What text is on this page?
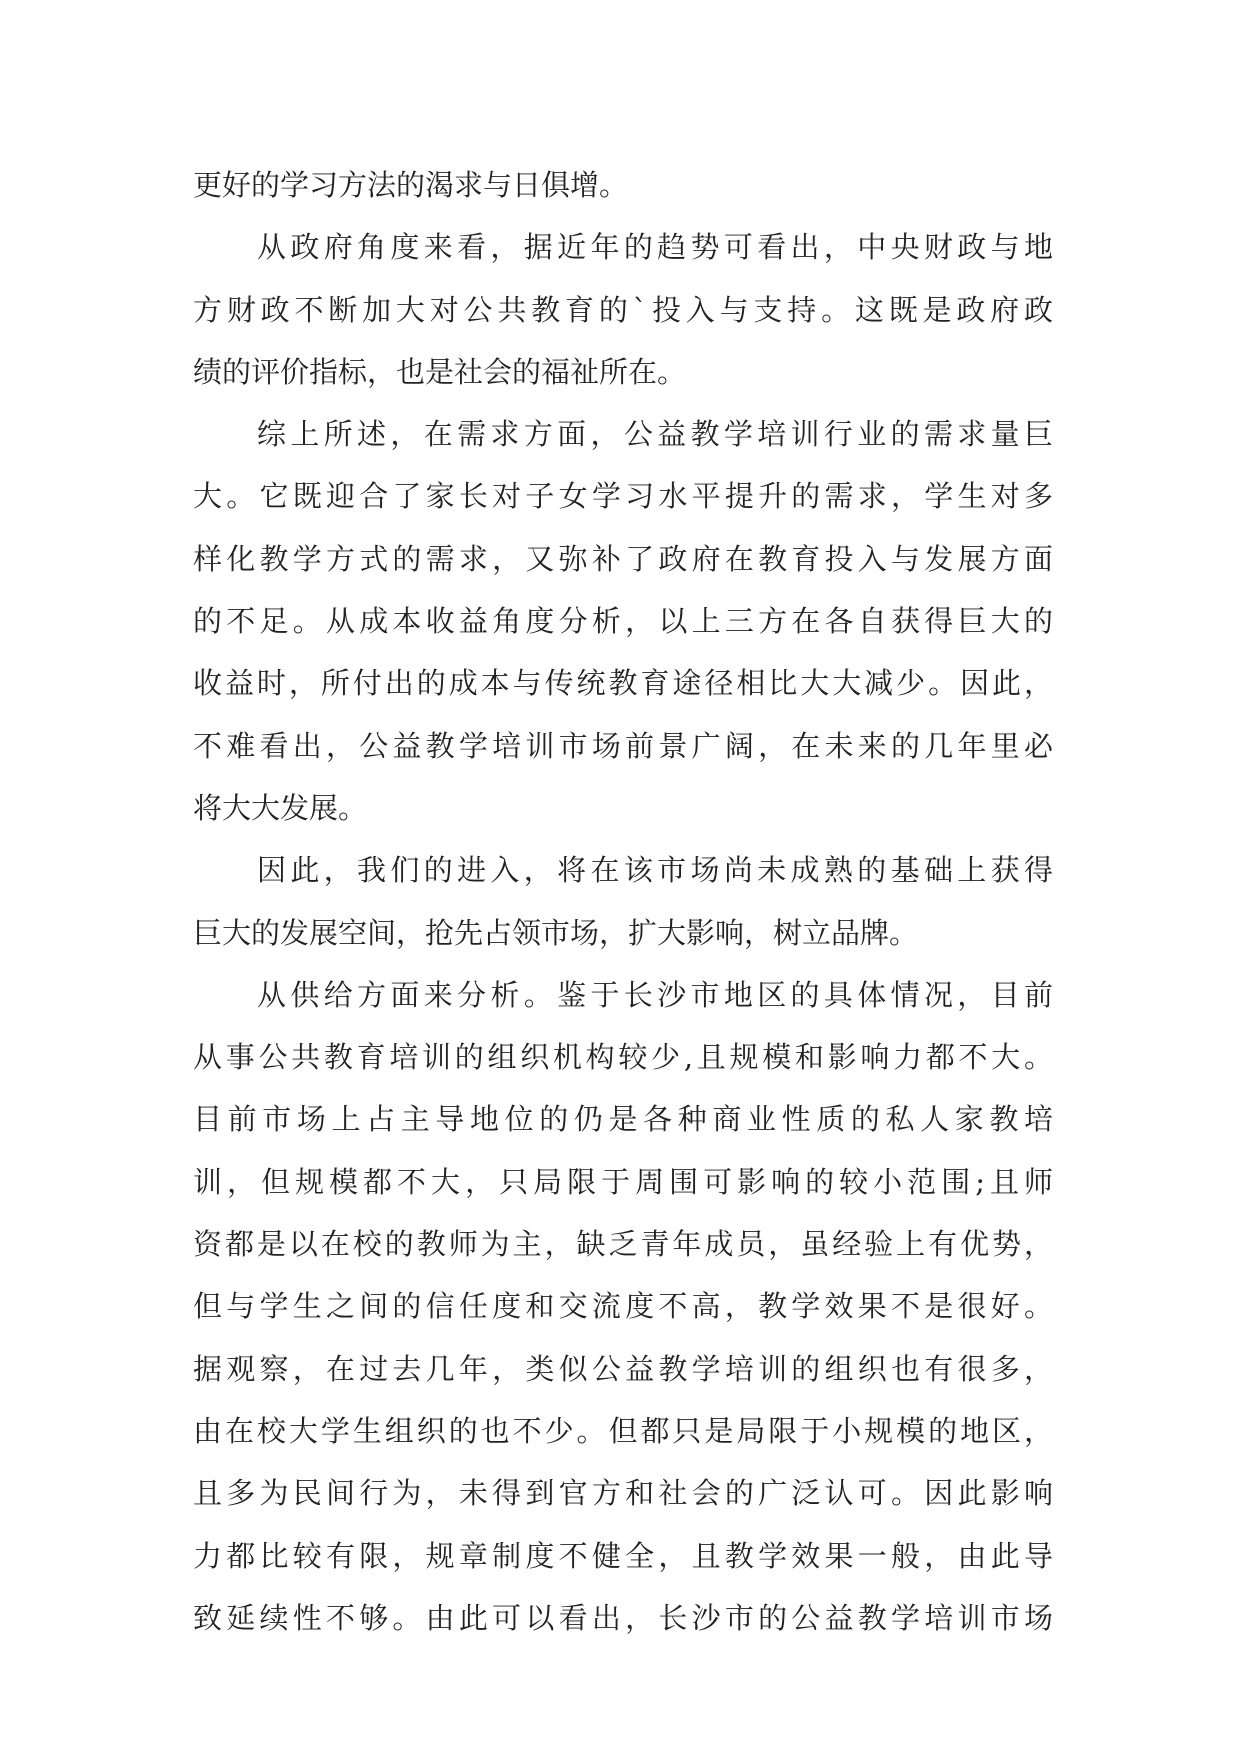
更好的学习方法的渴求与日俱增。
从政府角度来看，据近年的趋势可看出，中央财政与地
方财政不断加大对公共教育的`投入与支持。这既是政府政
绩的评价指标，也是社会的福祉所在。
综上所述，在需求方面，公益教学培训行业的需求量巨
大。它既迎合了家长对子女学习水平提升的需求，学生对多
样化教学方式的需求，又弥补了政府在教育投入与发展方面
的不足。从成本收益角度分析，以上三方在各自获得巨大的
收益时，所付出的成本与传统教育途径相比大大减少。因此，
不难看出，公益教学培训市场前景广阔，在未来的几年里必
将大大发展。
因此，我们的进入，将在该市场尚未成熟的基础上获得
巨大的发展空间，抢先占领市场，扩大影响，树立品牌。
从供给方面来分析。鉴于长沙市地区的具体情况，目前
从事公共教育培训的组织机构较少,且规模和影响力都不大。
目前市场上占主导地位的仍是各种商业性质的私人家教培
训，但规模都不大，只局限于周围可影响的较小范围;且师
资都是以在校的教师为主，缺乏青年成员，虽经验上有优势，
但与学生之间的信任度和交流度不高，教学效果不是很好。
据观察，在过去几年，类似公益教学培训的组织也有很多，
由在校大学生组织的也不少。但都只是局限于小规模的地区，
且多为民间行为，未得到官方和社会的广泛认可。因此影响
力都比较有限，规章制度不健全，且教学效果一般，由此导
致延续性不够。由此可以看出，长沙市的公益教学培训市场
